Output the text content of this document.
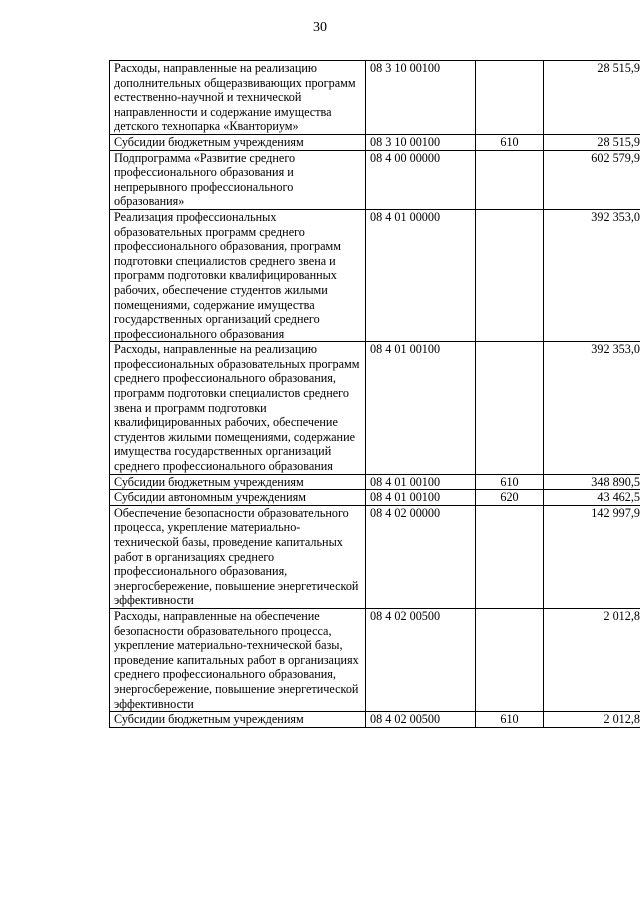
30
Расходы, направленные на реализацию дополнительных общеразвивающих программ естественно-научной и технической направленности и содержание имущества детского технопарка «Кванториум»	08 3 10 00100		28 515,9
Субсидии бюджетным учреждениям	08 3 10 00100	610	28 515,9
Подпрограмма «Развитие среднего профессионального образования и непрерывного профессионального образования»	08 4 00 00000		602 579,9
Реализация профессиональных образовательных программ среднего профессионального образования, программ подготовки специалистов среднего звена и программ подготовки квалифицированных рабочих, обеспечение студентов жилыми помещениями, содержание имущества государственных организаций среднего профессионального образования	08 4 01 00000		392 353,0
Расходы, направленные на реализацию профессиональных образовательных программ среднего профессионального образования, программ подготовки специалистов среднего звена и программ подготовки квалифицированных рабочих, обеспечение студентов жилыми помещениями, содержание имущества государственных организаций среднего профессионального образования	08 4 01 00100		392 353,0
Субсидии бюджетным учреждениям	08 4 01 00100	610	348 890,5
Субсидии автономным учреждениям	08 4 01 00100	620	43 462,5
Обеспечение безопасности образовательного процесса, укрепление материально-технической базы, проведение капитальных работ в организациях среднего профессионального образования, энергосбережение, повышение энергетической эффективности	08 4 02 00000		142 997,9
Расходы, направленные на обеспечение безопасности образовательного процесса, укрепление материально-технической базы, проведение капитальных работ в организациях среднего профессионального образования, энергосбережение, повышение энергетической эффективности	08 4 02 00500		2 012,8
Субсидии бюджетным учреждениям	08 4 02 00500	610	2 012,8
